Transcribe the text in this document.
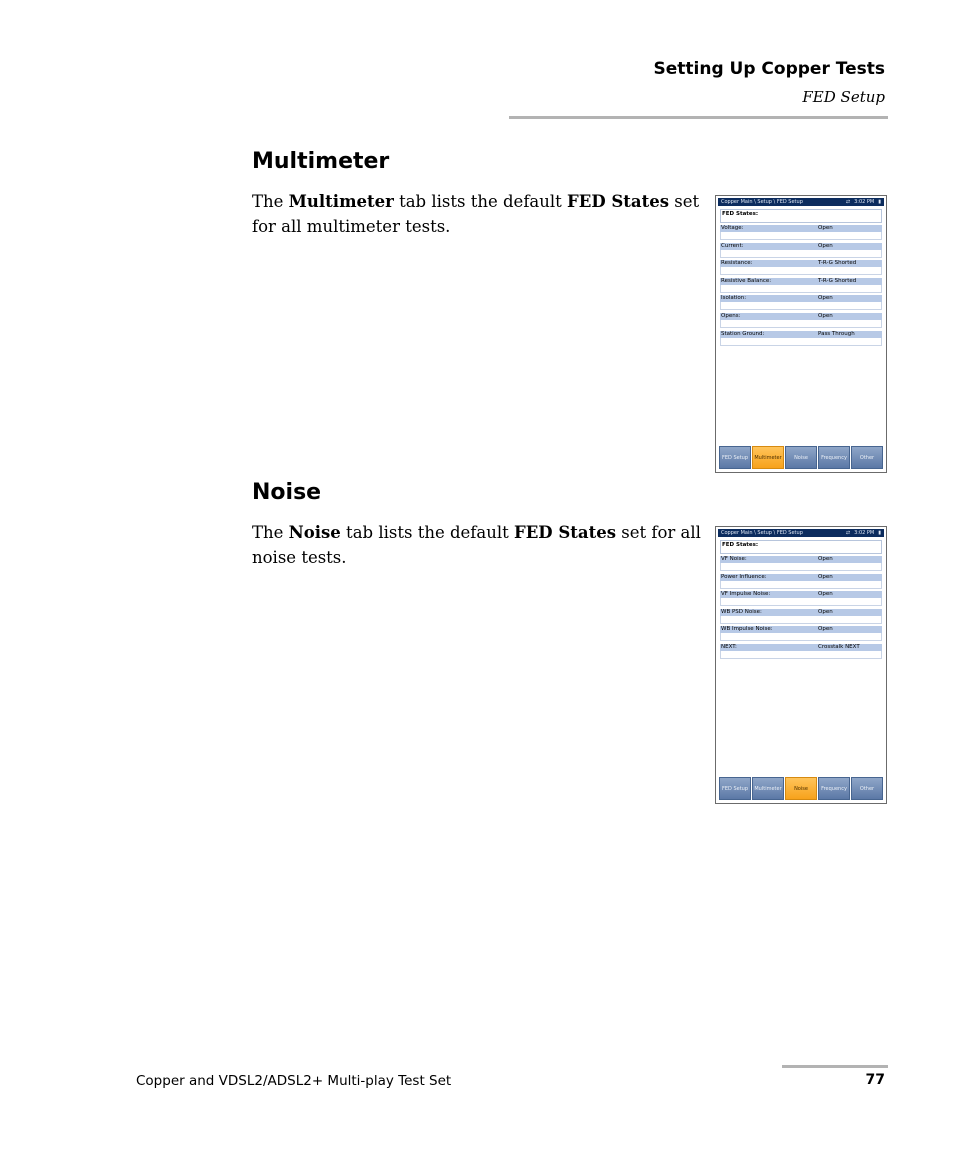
Setting Up Copper Tests
FED Setup
Multimeter

The Multimeter tab lists the default FED States set for all multimeter tests.

Copper Main \ Setup \ FED Setup	⇄ 3:02 PM ▮
FED States:
Voltage:	Open
Current:	Open
Resistance:	T-R-G Shorted
Resistive Balance:	T-R-G Shorted
Isolation:	Open
Opens:	Open
Station Ground:	Pass Through
FED Setup	Multimeter	Noise	Frequency	Other
Noise

The Noise tab lists the default FED States set for all noise tests.

Copper Main \ Setup \ FED Setup	⇄ 3:02 PM ▮
FED States:
VF Noise:	Open
Power Influence:	Open
VF Impulse Noise:	Open
WB PSD Noise:	Open
WB Impulse Noise:	Open
NEXT:	Crosstalk NEXT
FED Setup	Multimeter	Noise	Frequency	Other
Copper and VDSL2/ADSL2+ Multi-play Test Set	77
